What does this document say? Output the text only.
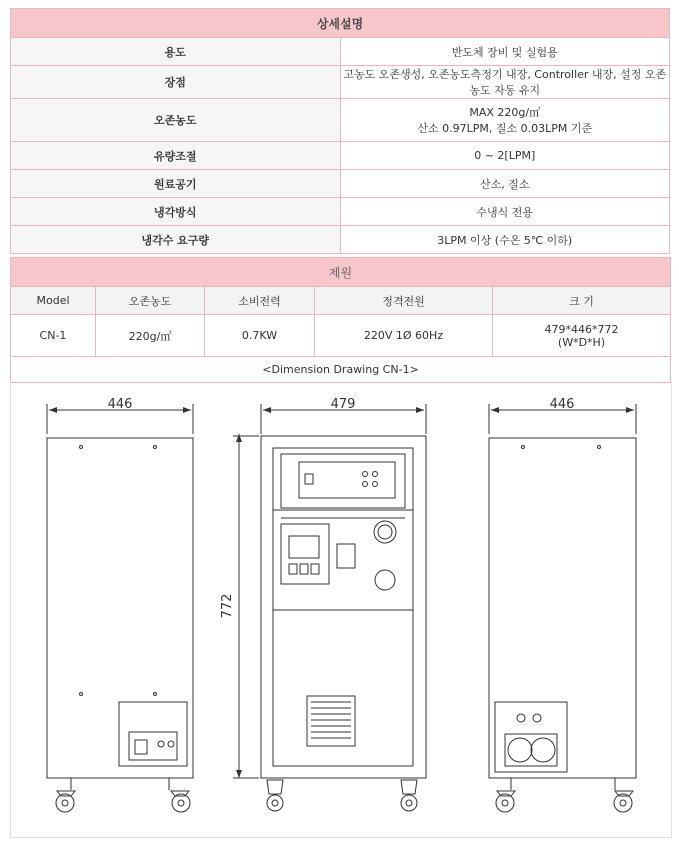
상세설명	
용도	반도체 장비 및 실험용
장점	고농도 오존생성, 오존농도측정기 내장, Controller 내장, 설정 오존농도 자동 유지
오존농도	MAX 220g/㎥
산소 0.97LPM, 질소 0.03LPM 기준

유량조절	0 ~ 2[LPM]
원료공기	산소, 질소
냉각방식	수냉식 전용
냉각수 요구량	3LPM 이상 (수온 5℃ 이하)
제원				
Model	오존농도	소비전력	정격전원	크 기
CN-1	220g/㎥	0.7KW	220V 1Ø 60Hz	479*446*772
(W*D*H)

<Dimension Drawing CN-1>				
446	479	446
772
